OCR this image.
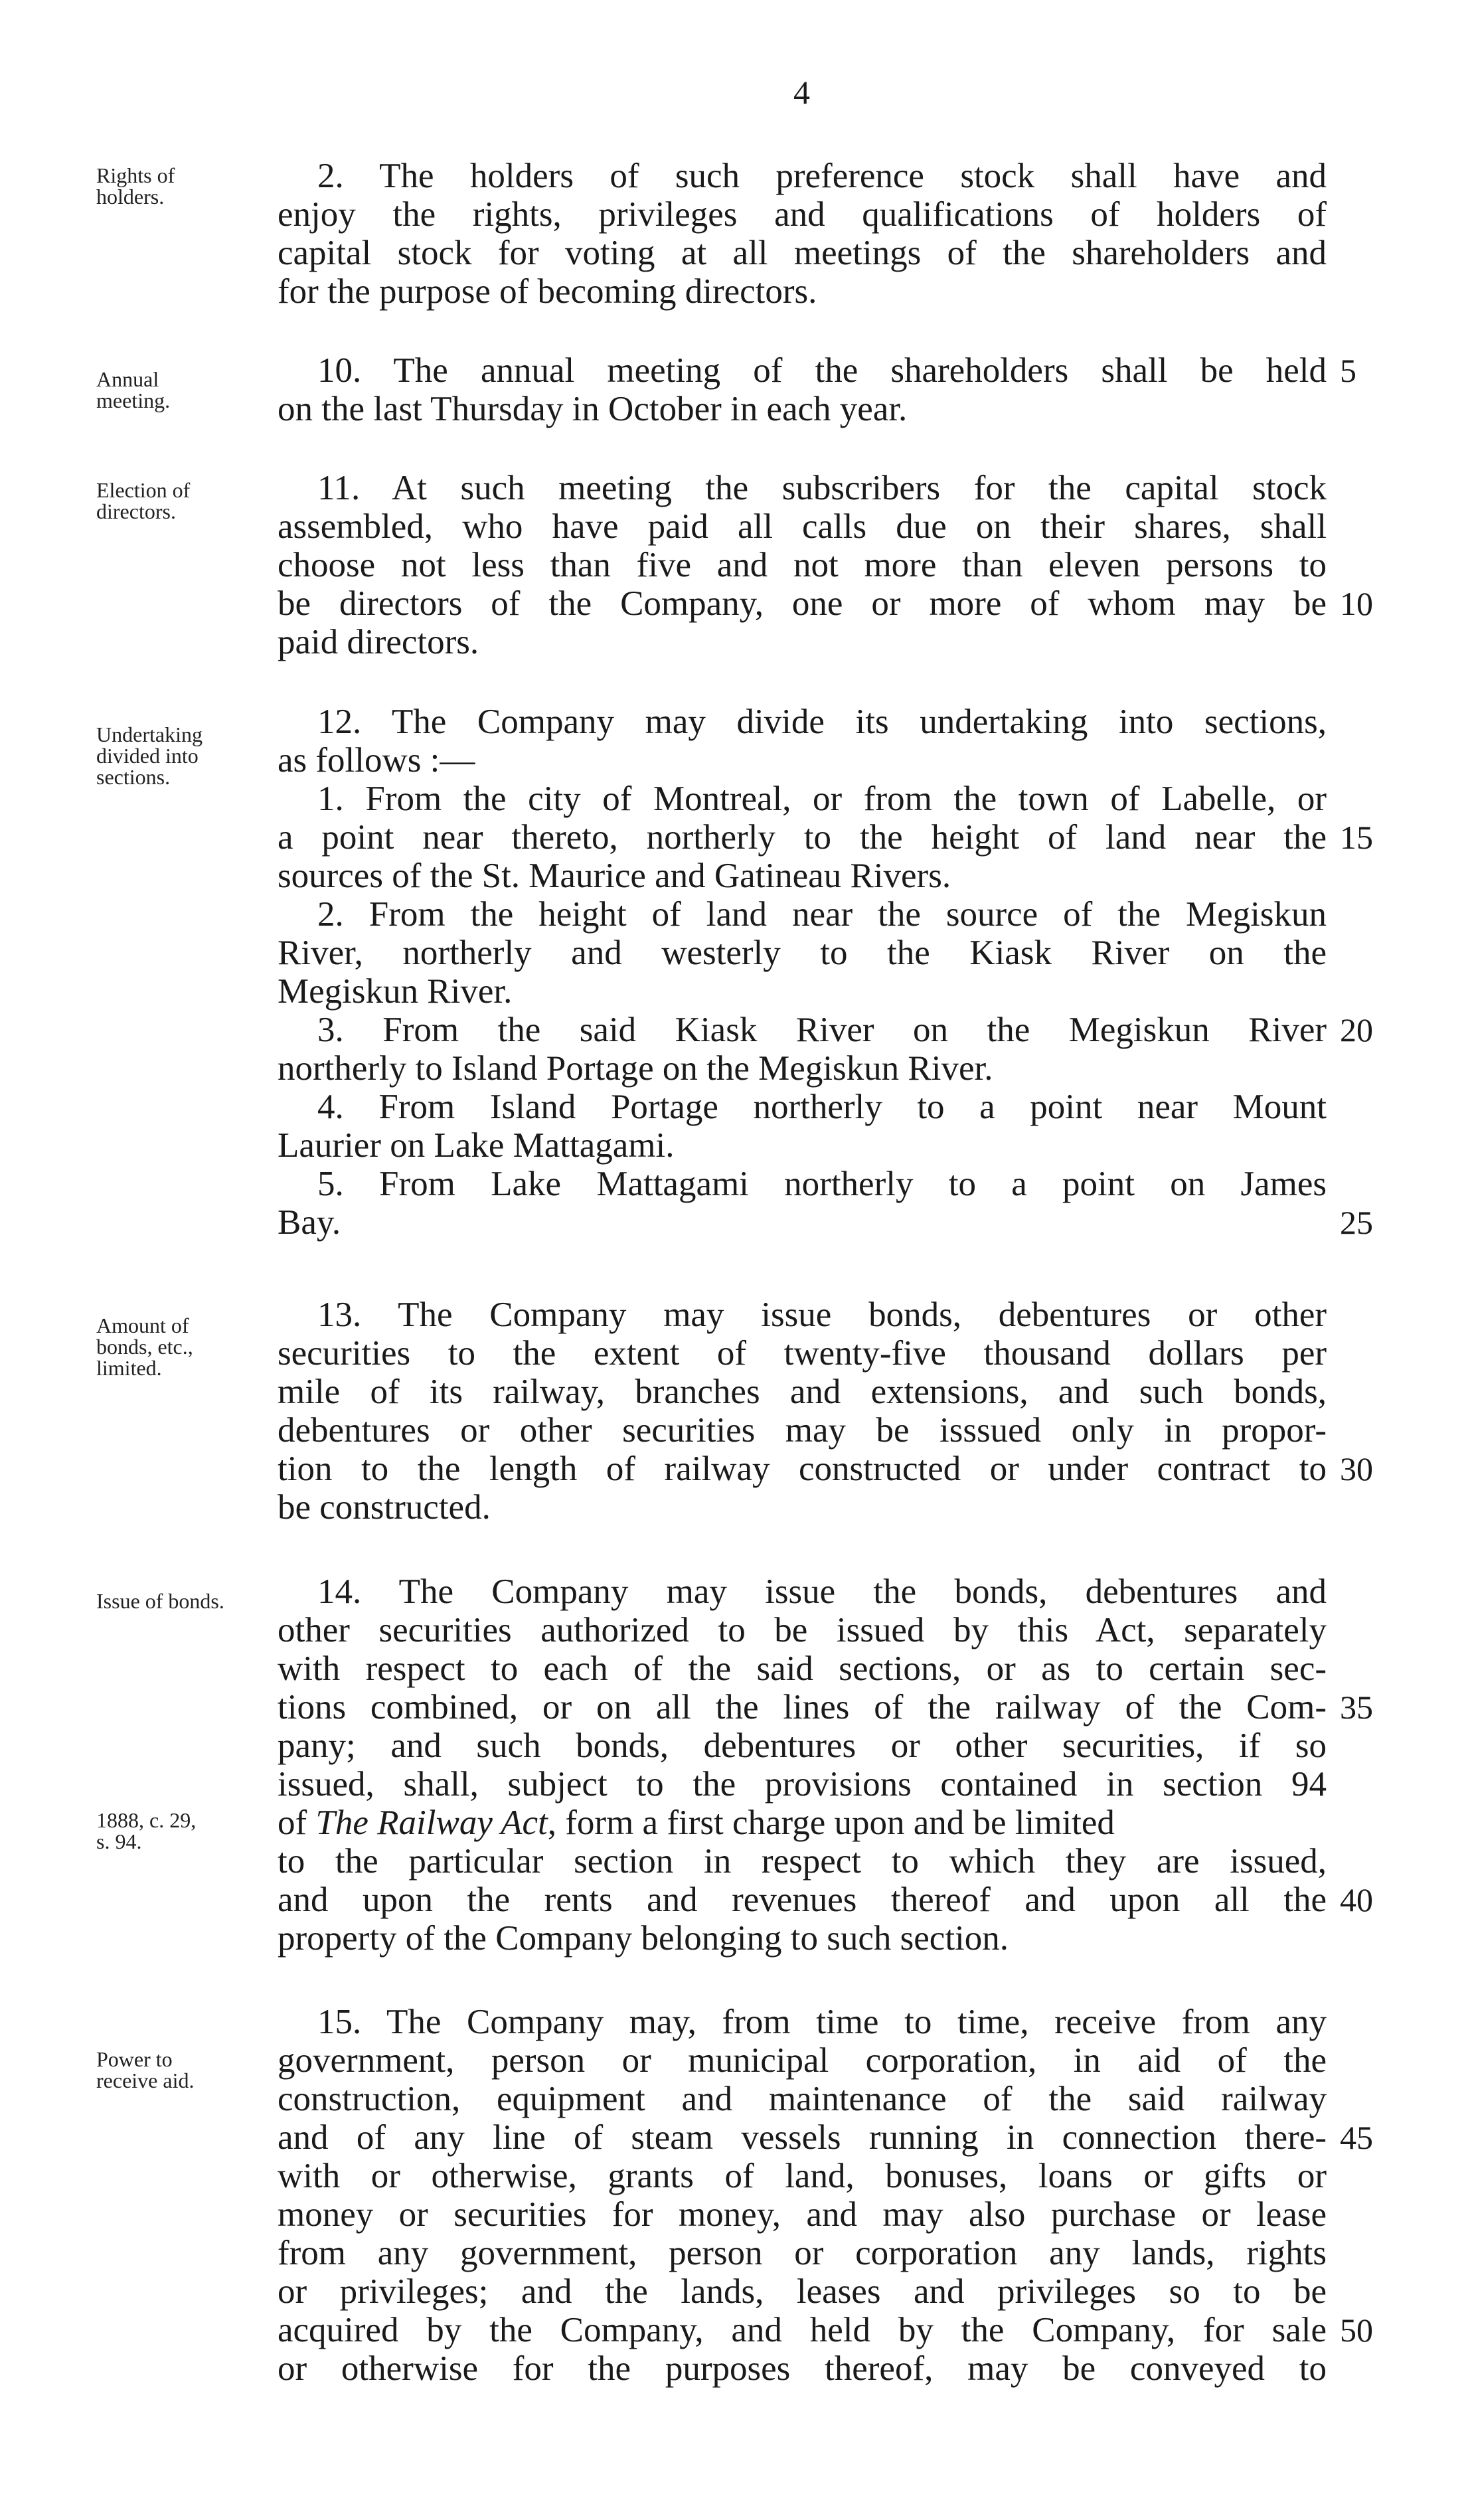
4
Rights of
holders.
Annual
meeting.
Election of
directors.
Undertaking
divided into
sections.
Amount of
bonds, etc.,
limited.
Issue of bonds.
1888, c. 29,
s. 94.
Power to
receive aid.
2. The holders of such preference stock shall have and
enjoy the rights, privileges and qualifications of holders of
capital stock for voting at all meetings of the shareholders and
for the purpose of becoming directors.
10. The annual meeting of the shareholders shall be held
on the last Thursday in October in each year.
11. At such meeting the subscribers for the capital stock
assembled, who have paid all calls due on their shares, shall
choose not less than five and not more than eleven persons to
be directors of the Company, one or more of whom may be
paid directors.
12. The Company may divide its undertaking into sections,
as follows :—
1. From the city of Montreal, or from the town of Labelle, or
a point near thereto, northerly to the height of land near the
sources of the St. Maurice and Gatineau Rivers.
2. From the height of land near the source of the Megiskun
River, northerly and westerly to the Kiask River on the
Megiskun River.
3. From the said Kiask River on the Megiskun River
northerly to Island Portage on the Megiskun River.
4. From Island Portage northerly to a point near Mount
Laurier on Lake Mattagami.
5. From Lake Mattagami northerly to a point on James
Bay.
13. The Company may issue bonds, debentures or other
securities to the extent of twenty-five thousand dollars per
mile of its railway, branches and extensions, and such bonds,
debentures or other securities may be isssued only in propor-
tion to the length of railway constructed or under contract to
be constructed.
14. The Company may issue the bonds, debentures and
other securities authorized to be issued by this Act, separately
with respect to each of the said sections, or as to certain sec-
tions combined, or on all the lines of the railway of the Com-
pany; and such bonds, debentures or other securities, if so
issued, shall, subject to the provisions contained in section 94
of The Railway Act, form a first charge upon and be limited
to the particular section in respect to which they are issued,
and upon the rents and revenues thereof and upon all the
property of the Company belonging to such section.
15. The Company may, from time to time, receive from any
government, person or municipal corporation, in aid of the
construction, equipment and maintenance of the said railway
and of any line of steam vessels running in connection there-
with or otherwise, grants of land, bonuses, loans or gifts or
money or securities for money, and may also purchase or lease
from any government, person or corporation any lands, rights
or privileges; and the lands, leases and privileges so to be
acquired by the Company, and held by the Company, for sale
or otherwise for the purposes thereof, may be conveyed to
5
10
15
20
25
30
35
40
45
50
